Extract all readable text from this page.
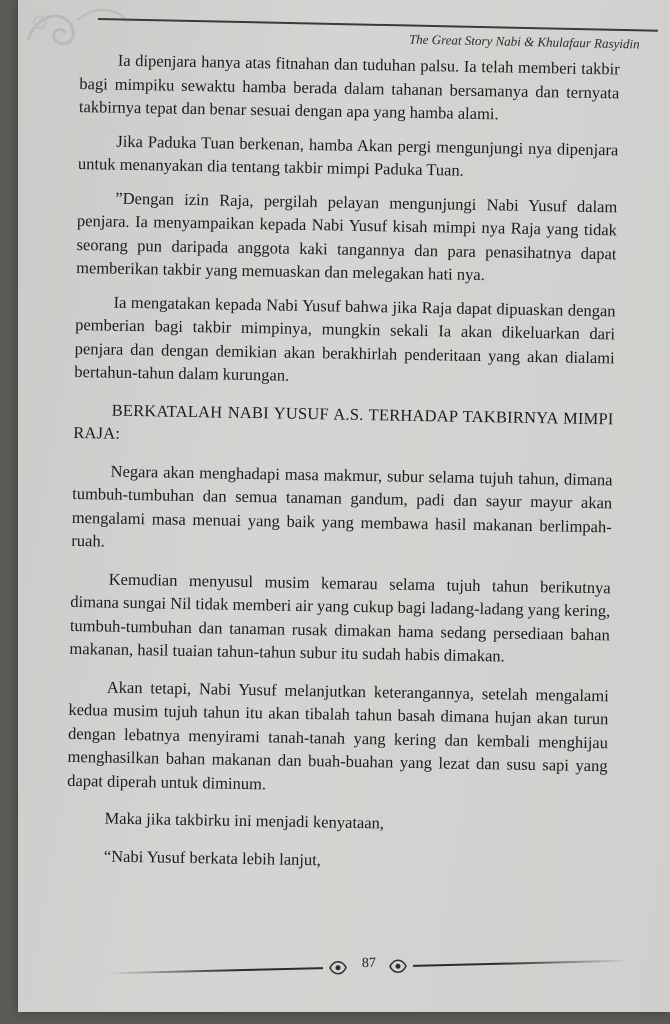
The Great Story Nabi & Khulafaur Rasyidin

Ia dipenjara hanya atas fitnahan dan tuduhan palsu. Ia telah memberi takbir bagi mimpiku sewaktu hamba berada dalam tahanan bersamanya dan ternyata takbirnya tepat dan benar sesuai dengan apa yang hamba alami.

Jika Paduka Tuan berkenan, hamba Akan pergi mengunjungi nya dipenjara untuk menanyakan dia tentang takbir mimpi Paduka Tuan.

”Dengan izin Raja, pergilah pelayan mengunjungi Nabi Yusuf dalam penjara. Ia menyampaikan kepada Nabi Yusuf kisah mimpi nya Raja yang tidak seorang pun daripada anggota kaki tangannya dan para penasihatnya dapat memberikan takbir yang memuaskan dan melegakan hati nya.

Ia mengatakan kepada Nabi Yusuf bahwa jika Raja dapat dipuaskan dengan pemberian bagi takbir mimpinya, mungkin sekali Ia akan dikeluarkan dari penjara dan dengan demikian akan berakhirlah penderitaan yang akan dialami bertahun-tahun dalam kurungan.

BERKATALAH NABI YUSUF A.S. TERHADAP TAKBIRNYA MIMPI RAJA:

Negara akan menghadapi masa makmur, subur selama tujuh tahun, dimana tumbuh-tumbuhan dan semua tanaman gandum, padi dan sayur mayur akan mengalami masa menuai yang baik yang membawa hasil makanan berlimpah-ruah.

Kemudian menyusul musim kemarau selama tujuh tahun berikutnya dimana sungai Nil tidak memberi air yang cukup bagi ladang-ladang yang kering, tumbuh-tumbuhan dan tanaman rusak dimakan hama sedang persediaan bahan makanan, hasil tuaian tahun-tahun subur itu sudah habis dimakan.

Akan tetapi, Nabi Yusuf melanjutkan keterangannya, setelah mengalami kedua musim tujuh tahun itu akan tibalah tahun basah dimana hujan akan turun dengan lebatnya menyirami tanah-tanah yang kering dan kembali menghijau menghasilkan bahan makanan dan buah-buahan yang lezat dan susu sapi yang dapat diperah untuk diminum.

Maka jika takbirku ini menjadi kenyataan,

“Nabi Yusuf berkata lebih lanjut,

87
